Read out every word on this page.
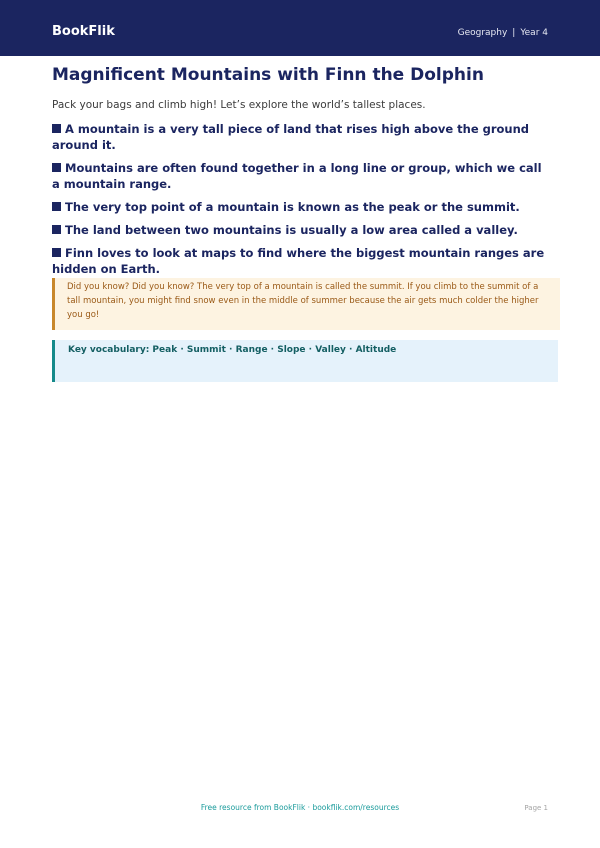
BookFlik	Geography | Year 4
Magnificent Mountains with Finn the Dolphin
Pack your bags and climb high! Let’s explore the world’s tallest places.
A mountain is a very tall piece of land that rises high above the ground around it.
Mountains are often found together in a long line or group, which we call a mountain range.
The very top point of a mountain is known as the peak or the summit.
The land between two mountains is usually a low area called a valley.
Finn loves to look at maps to find where the biggest mountain ranges are hidden on Earth.
Did you know? Did you know? The very top of a mountain is called the summit. If you climb to the summit of a tall mountain, you might find snow even in the middle of summer because the air gets much colder the higher you go!
Key vocabulary: Peak · Summit · Range · Slope · Valley · Altitude
Free resource from BookFlik · bookflik.com/resources	Page 1
